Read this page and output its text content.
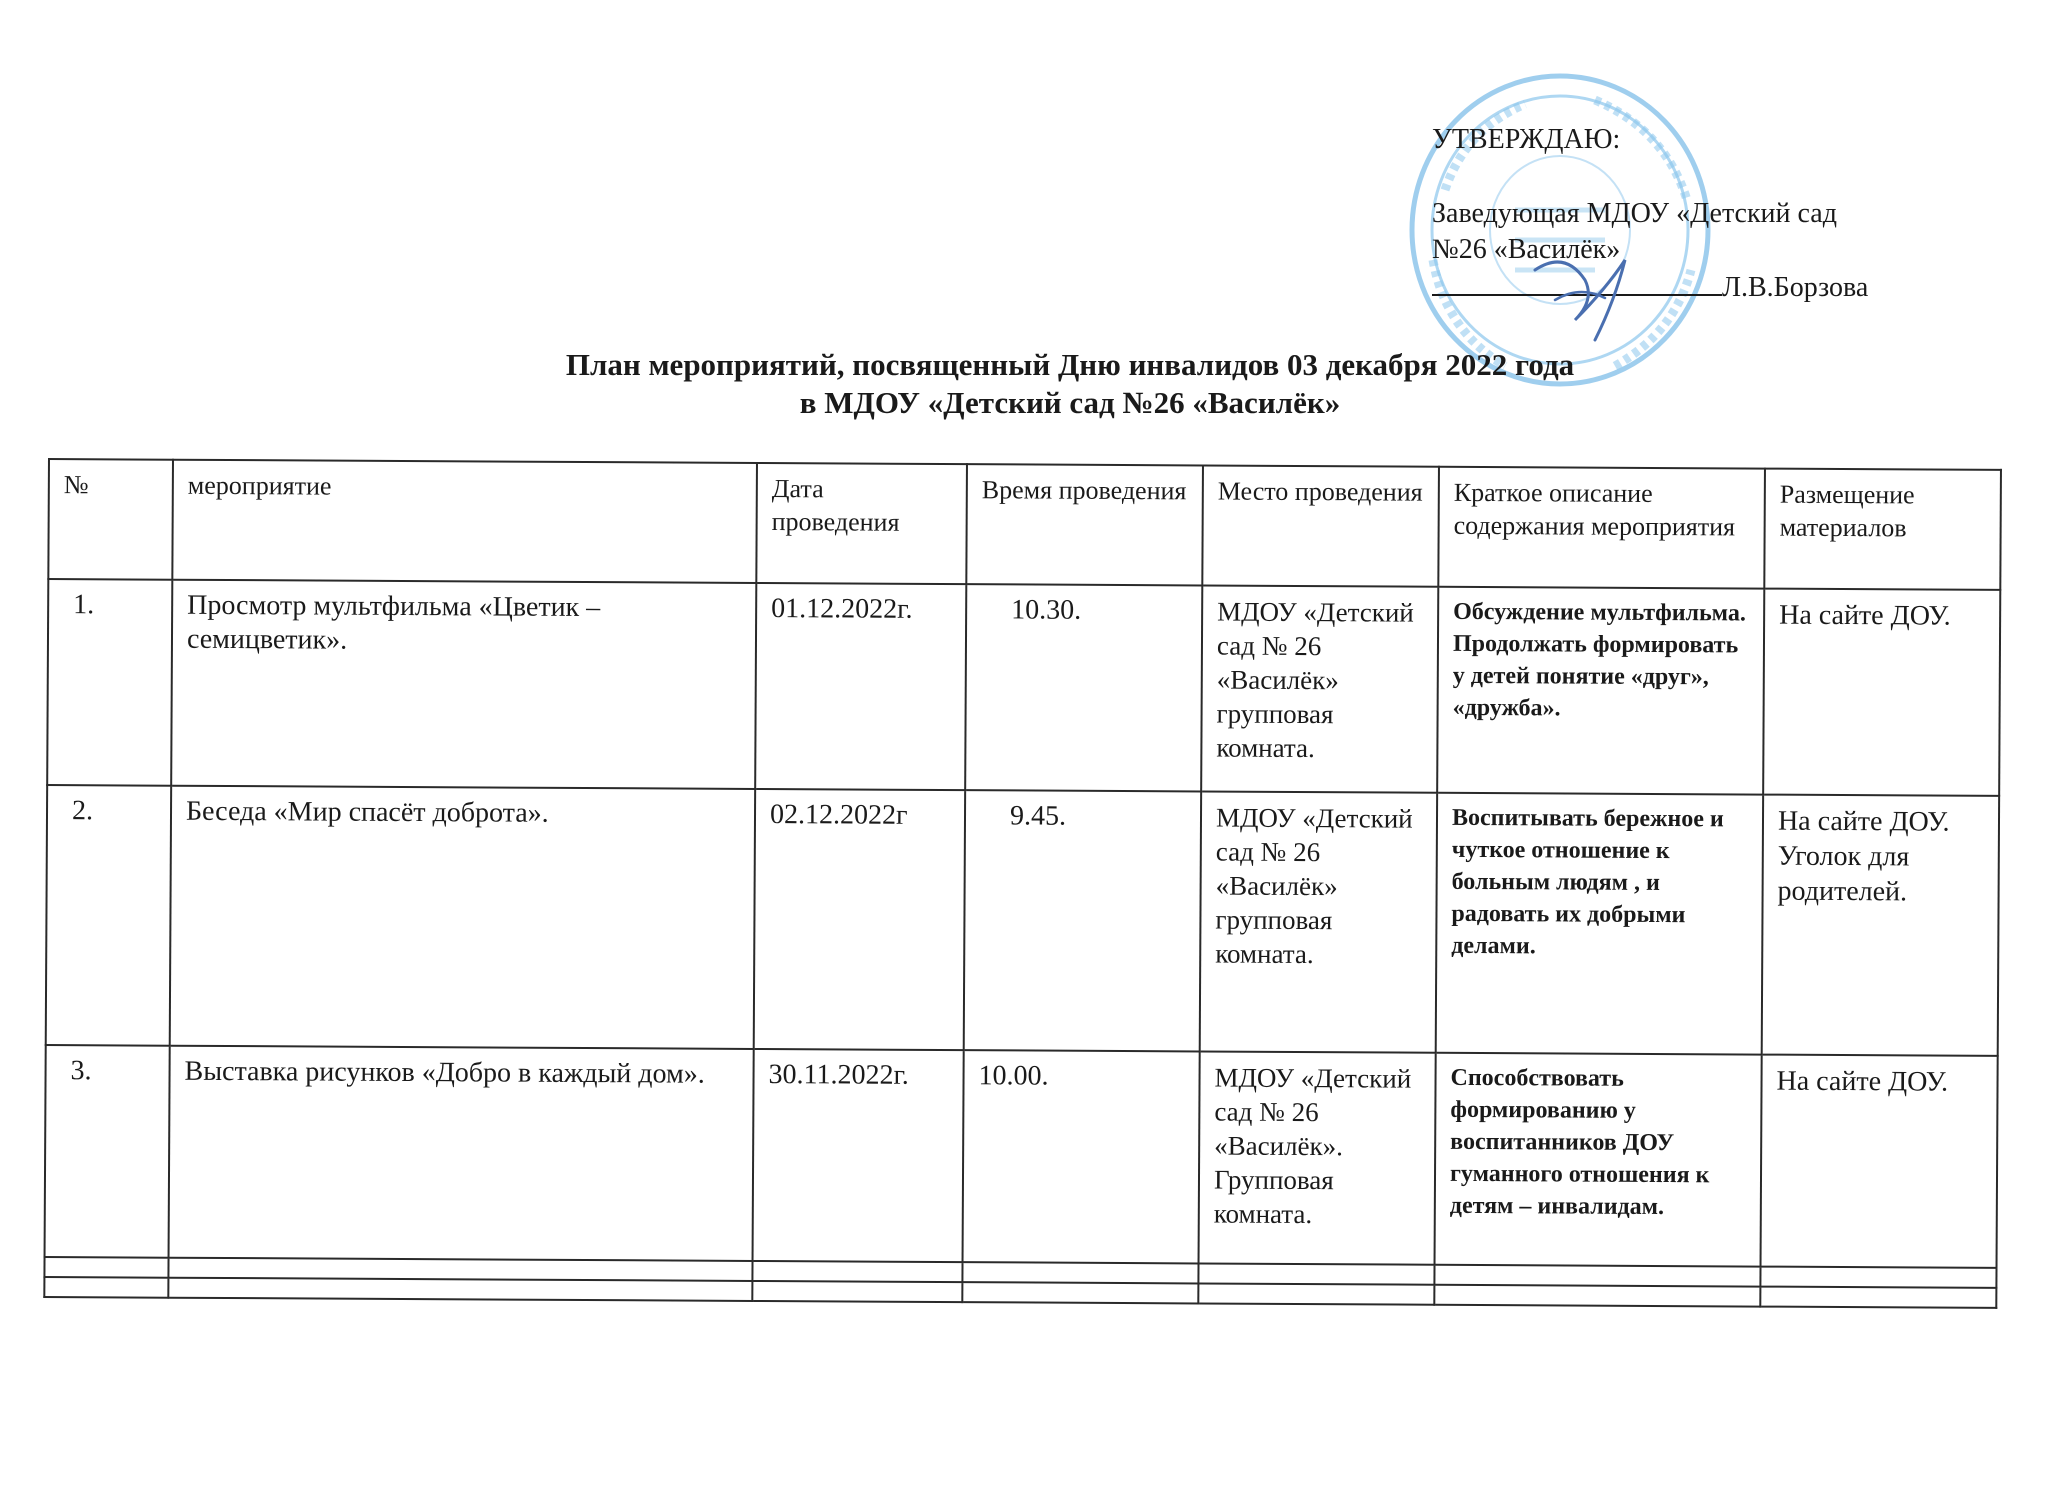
УТВЕРЖДАЮ:
Заведующая МДОУ «Детский сад
№26 «Василёк»
Л.В.Борзова
План мероприятий, посвященный Дню инвалидов 03 декабря 2022 года
в МДОУ «Детский сад №26 «Василёк»
№	мероприятие	Дата проведения	Время проведения	Место проведения	Краткое описание содержания мероприятия	Размещение материалов
1.	Просмотр мультфильма «Цветик – семицветик».	01.12.2022г.	10.30.	МДОУ «Детский сад № 26 «Василёк» групповая комната.	Обсуждение мультфильма. Продолжать формировать у детей понятие «друг», «дружба».	На сайте ДОУ.
2.	Беседа «Мир спасёт доброта».	02.12.2022г	9.45.	МДОУ «Детский сад № 26 «Василёк» групповая комната.	Воспитывать бережное и чуткое отношение к больным людям , и радовать их добрыми делами.	На сайте ДОУ. Уголок для родителей.
3.	Выставка рисунков «Добро в каждый дом».	30.11.2022г.	10.00.	МДОУ «Детский сад № 26 «Василёк». Групповая комната.	Способствовать формированию у воспитанников ДОУ гуманного отношения к детям – инвалидам.	На сайте ДОУ.
